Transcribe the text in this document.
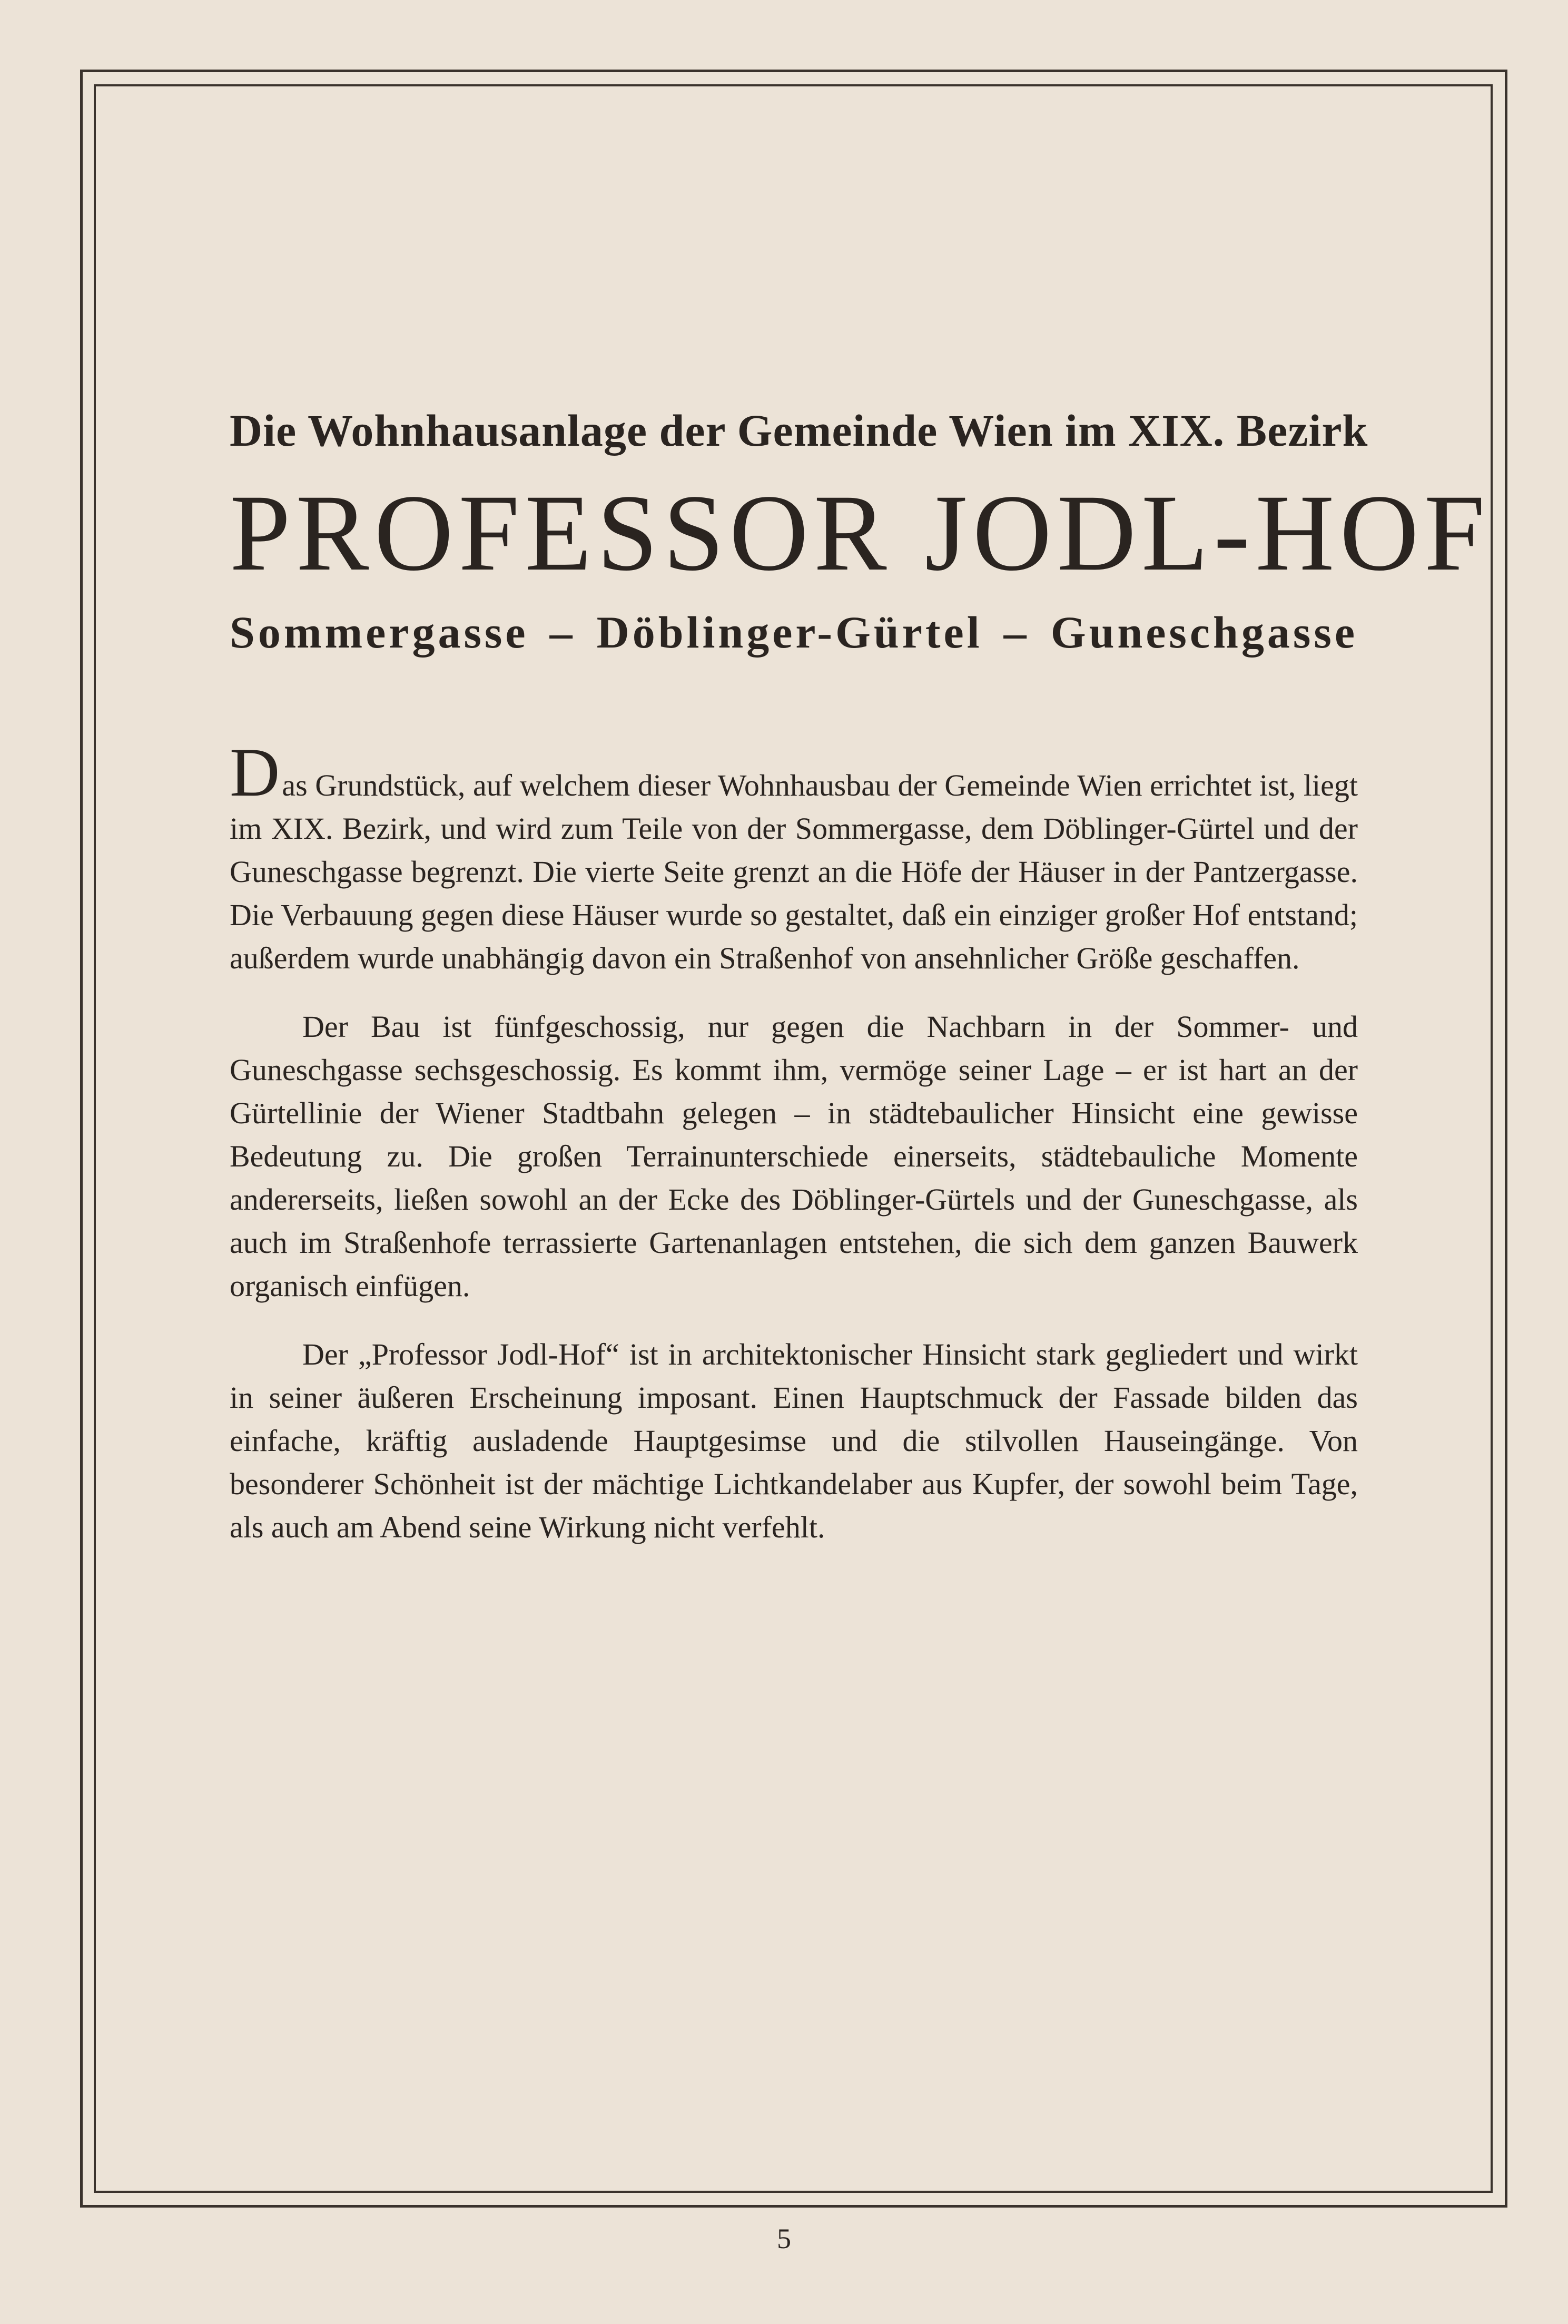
Die Wohnhausanlage der Gemeinde Wien im XIX. Bezirk
PROFESSOR JODL-HOF
Sommergasse – Döblinger-Gürtel – Guneschgasse

Das Grundstück, auf welchem dieser Wohnhausbau der Gemeinde Wien errichtet ist, liegt im XIX. Bezirk, und wird zum Teile von der Sommergasse, dem Döblinger-Gürtel und der Guneschgasse begrenzt. Die vierte Seite grenzt an die Höfe der Häuser in der Pantzergasse. Die Verbauung gegen diese Häuser wurde so gestaltet, daß ein einziger großer Hof entstand; außerdem wurde unabhängig davon ein Straßenhof von ansehnlicher Größe geschaffen.

Der Bau ist fünfgeschossig, nur gegen die Nachbarn in der Sommer- und Guneschgasse sechsgeschossig. Es kommt ihm, vermöge seiner Lage – er ist hart an der Gürtellinie der Wiener Stadtbahn gelegen – in städtebaulicher Hinsicht eine gewisse Bedeutung zu. Die großen Terrainunterschiede einerseits, städtebauliche Momente andererseits, ließen sowohl an der Ecke des Döblinger-Gürtels und der Guneschgasse, als auch im Straßenhofe terrassierte Gartenanlagen entstehen, die sich dem ganzen Bauwerk organisch einfügen.

Der „Professor Jodl-Hof“ ist in architektonischer Hinsicht stark gegliedert und wirkt in seiner äußeren Erscheinung imposant. Einen Hauptschmuck der Fassade bilden das einfache, kräftig ausladende Hauptgesimse und die stilvollen Hauseingänge. Von besonderer Schönheit ist der mächtige Lichtkandelaber aus Kupfer, der sowohl beim Tage, als auch am Abend seine Wirkung nicht verfehlt.

5
